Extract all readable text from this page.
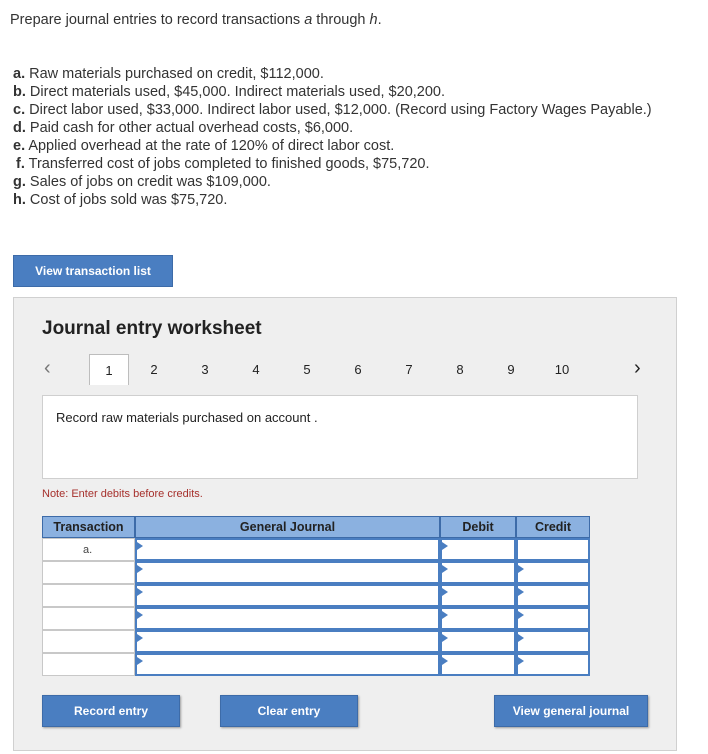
Prepare journal entries to record transactions a through h.
a. Raw materials purchased on credit, $112,000.
b. Direct materials used, $45,000. Indirect materials used, $20,200.
c. Direct labor used, $33,000. Indirect labor used, $12,000. (Record using Factory Wages Payable.)
d. Paid cash for other actual overhead costs, $6,000.
e. Applied overhead at the rate of 120% of direct labor cost.
f. Transferred cost of jobs completed to finished goods, $75,720.
g. Sales of jobs on credit was $109,000.
h. Cost of jobs sold was $75,720.
View transaction list
Journal entry worksheet
‹	1	2	3	4	5	6	7	8	9	10	›
Record raw materials purchased on account .
Note: Enter debits before credits.
Transaction	General Journal	Debit	Credit
a.	

Record entry	Clear entry	View general journal
